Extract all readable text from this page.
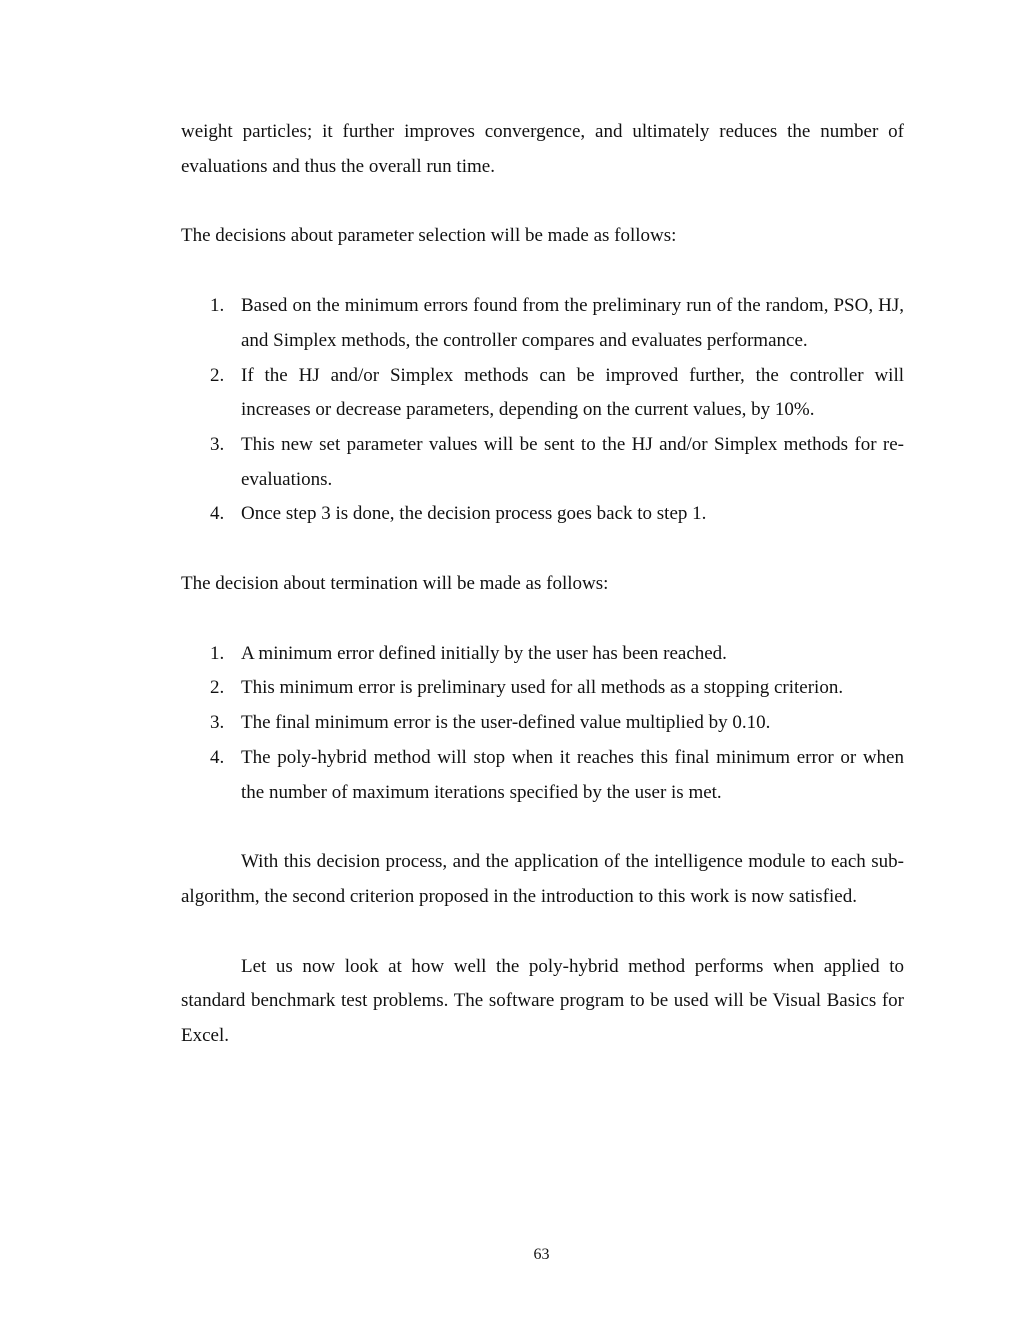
weight particles; it further improves convergence, and ultimately reduces the number of evaluations and thus the overall run time.

The decisions about parameter selection will be made as follows:

1. Based on the minimum errors found from the preliminary run of the random, PSO, HJ, and Simplex methods, the controller compares and evaluates performance.
2. If the HJ and/or Simplex methods can be improved further, the controller will increases or decrease parameters, depending on the current values, by 10%.
3. This new set parameter values will be sent to the HJ and/or Simplex methods for re-evaluations.
4. Once step 3 is done, the decision process goes back to step 1.

The decision about termination will be made as follows:

1. A minimum error defined initially by the user has been reached.
2. This minimum error is preliminary used for all methods as a stopping criterion.
3. The final minimum error is the user-defined value multiplied by 0.10.
4. The poly-hybrid method will stop when it reaches this final minimum error or when the number of maximum iterations specified by the user is met.

With this decision process, and the application of the intelligence module to each sub-algorithm, the second criterion proposed in the introduction to this work is now satisfied.

Let us now look at how well the poly-hybrid method performs when applied to standard benchmark test problems. The software program to be used will be Visual Basics for Excel.

63
